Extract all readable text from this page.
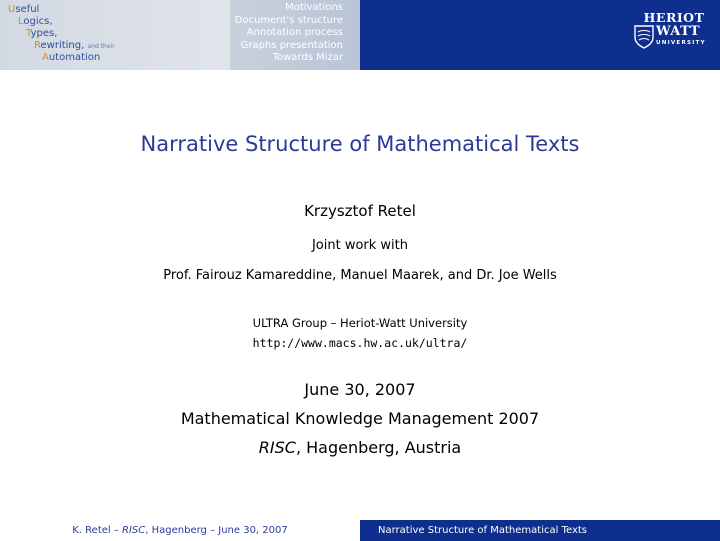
Useful
Logics,
Types,
Rewriting, and their
Automation
Motivations
Document's structure
Annotation process
Graphs presentation
Towards Mizar
HERIOT
WATT
UNIVERSITY
Narrative Structure of Mathematical Texts
Krzysztof Retel
Joint work with
Prof. Fairouz Kamareddine, Manuel Maarek, and Dr. Joe Wells
ULTRA Group – Heriot-Watt University
http://www.macs.hw.ac.uk/ultra/
June 30, 2007
Mathematical Knowledge Management 2007
RISC, Hagenberg, Austria
K. Retel – RISC, Hagenberg – June 30, 2007	Narrative Structure of Mathematical Texts
